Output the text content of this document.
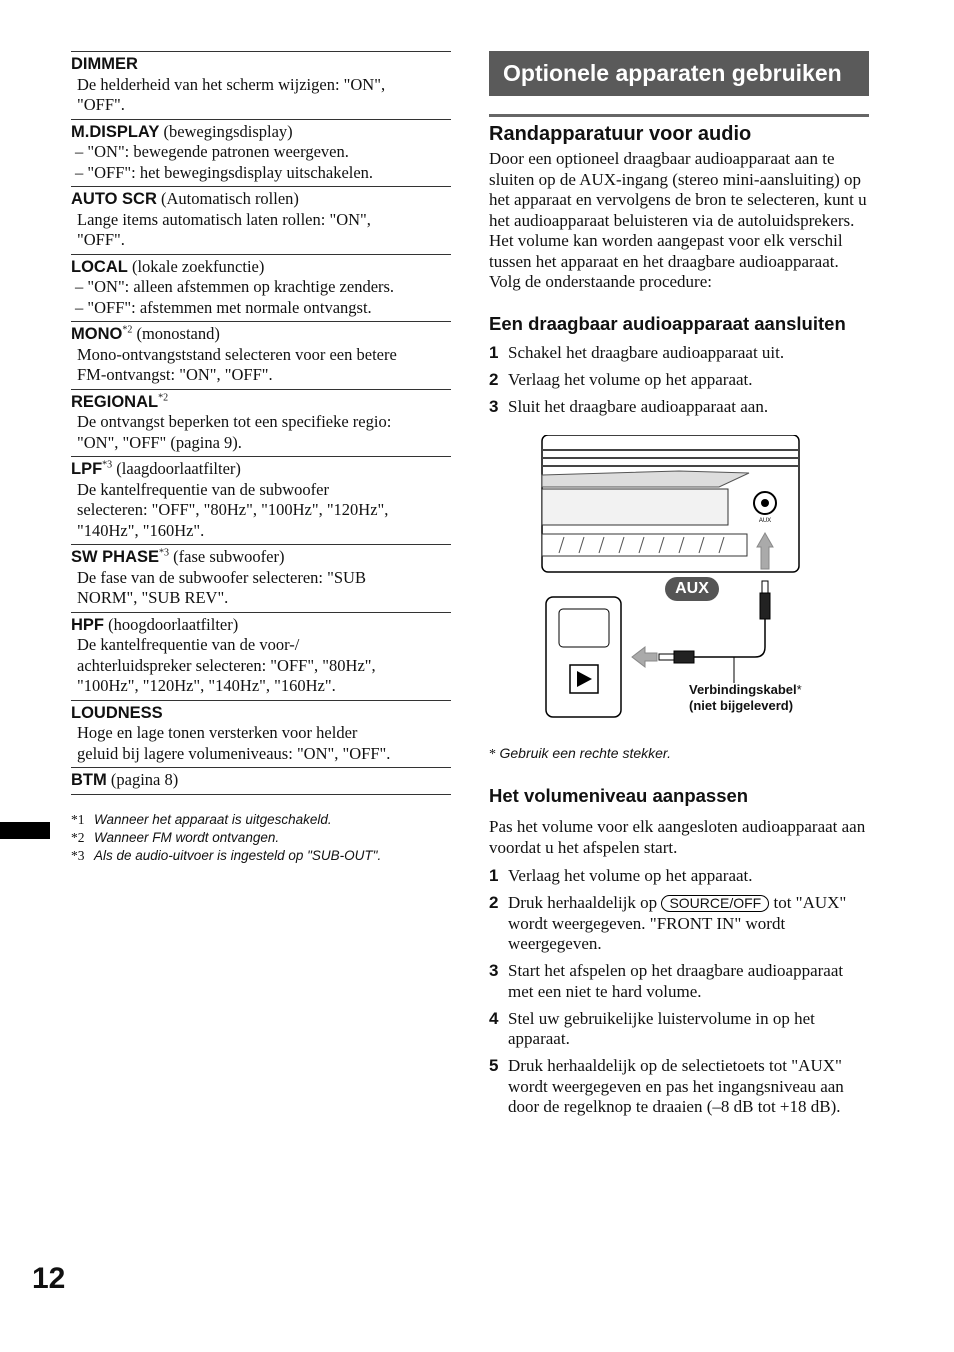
DIMMER
De helderheid van het scherm wijzigen: "ON",
"OFF".
M.DISPLAY (bewegingsdisplay)
– "ON": bewegende patronen weergeven.
– "OFF": het bewegingsdisplay uitschakelen.
AUTO SCR (Automatisch rollen)
Lange items automatisch laten rollen: "ON",
"OFF".
LOCAL (lokale zoekfunctie)
– "ON": alleen afstemmen op krachtige zenders.
– "OFF": afstemmen met normale ontvangst.
MONO$^{*2}$ (monostand)
Mono-ontvangststand selecteren voor een betere
FM-ontvangst: "ON", "OFF".
REGIONAL$^{*2}$
De ontvangst beperken tot een specifieke regio:
"ON", "OFF" (pagina 9).
LPF$^{*3}$ (laagdoorlaatfilter)
De kantelfrequentie van de subwoofer
selecteren: "OFF", "80Hz", "100Hz", "120Hz",
"140Hz", "160Hz".
SW PHASE$^{*3}$ (fase subwoofer)
De fase van de subwoofer selecteren: "SUB
NORM", "SUB REV".
HPF (hoogdoorlaatfilter)
De kantelfrequentie van de voor-/
achterluidspreker selecteren: "OFF", "80Hz",
"100Hz", "120Hz", "140Hz", "160Hz".
LOUDNESS
Hoge en lage tonen versterken voor helder
geluid bij lagere volumeniveaus: "ON", "OFF".
BTM (pagina 8)
*1 Wanneer het apparaat is uitgeschakeld.
*2 Wanneer FM wordt ontvangen.
*3 Als de audio-uitvoer is ingesteld op "SUB-OUT".
12
Optionele apparaten gebruiken
Randapparatuur voor audio
Door een optioneel draagbaar audioapparaat aan te sluiten op de AUX-ingang (stereo mini-aansluiting) op het apparaat en vervolgens de bron te selecteren, kunt u het audioapparaat beluisteren via de autoluidsprekers. Het volume kan worden aangepast voor elk verschil tussen het apparaat en het draagbare audioapparaat. Volg de onderstaande procedure:
Een draagbaar audioapparaat aansluiten
1 Schakel het draagbare audioapparaat uit.
2 Verlaag het volume op het apparaat.
3 Sluit het draagbare audioapparaat aan.
AUX
AUX
Verbindingskabel*
(niet bijgeleverd)
* Gebruik een rechte stekker.
Het volumeniveau aanpassen
Pas het volume voor elk aangesloten audioapparaat aan voordat u het afspelen start.
1 Verlaag het volume op het apparaat.
2 Druk herhaaldelijk op SOURCE/OFF tot "AUX" wordt weergegeven. "FRONT IN" wordt weergegeven.
3 Start het afspelen op het draagbare audioapparaat met een niet te hard volume.
4 Stel uw gebruikelijke luistervolume in op het apparaat.
5 Druk herhaaldelijk op de selectietoets tot "AUX" wordt weergegeven en pas het ingangsniveau aan door de regelknop te draaien (–8 dB tot +18 dB).
